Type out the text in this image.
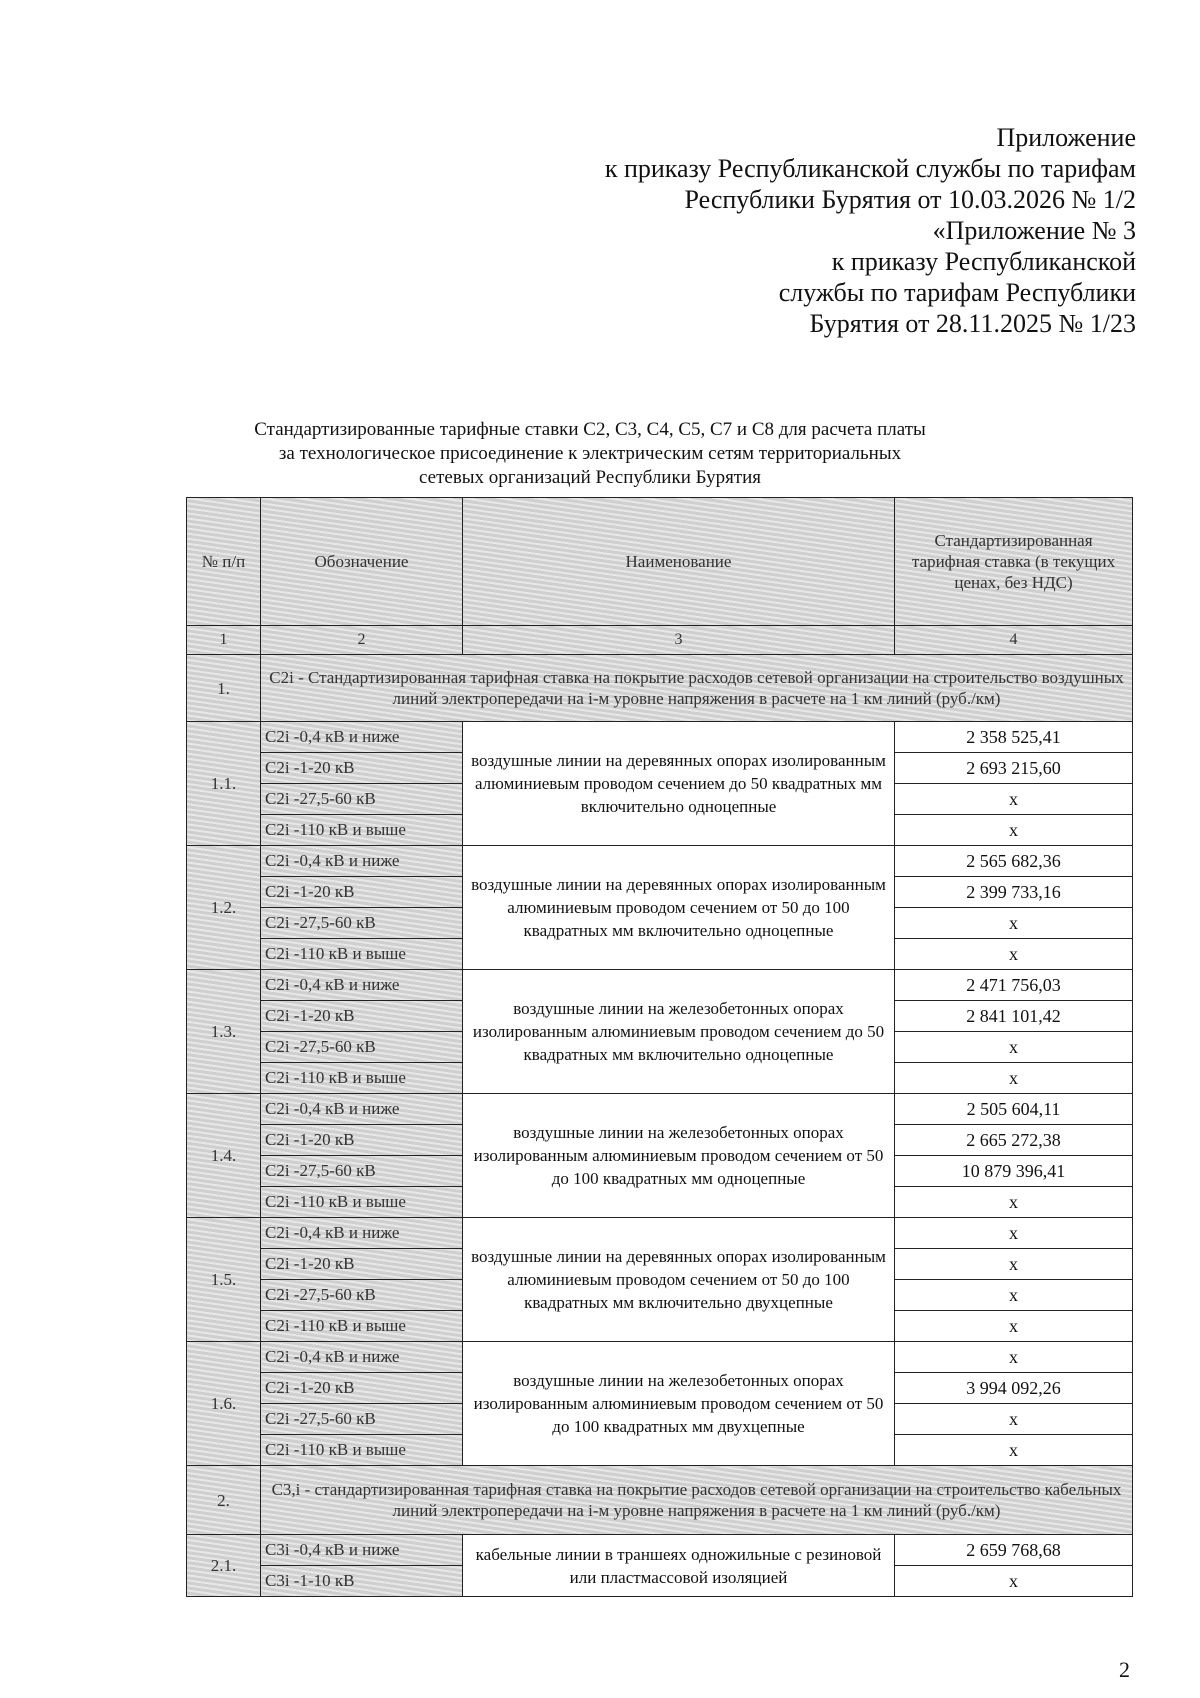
Приложение
к приказу Республиканской службы по тарифам
Республики Бурятия от 10.03.2026 № 1/2
«Приложение № 3
к приказу Республиканской
службы по тарифам Республики
Бурятия от 28.11.2025 № 1/23
Стандартизированные тарифные ставки С2, С3, С4, С5, С7 и С8 для расчета платы
за технологическое присоединение к электрическим сетям территориальных
сетевых организаций Республики Бурятия
№ п/п	Обозначение	Наименование	Стандартизированная тарифная ставка (в текущих ценах, без НДС)
1	2	3	4
1.	C2i - Стандартизированная тарифная ставка на покрытие расходов сетевой организации на строительство воздушных линий электропередачи на i-м уровне напряжения в расчете на 1 км линий (руб./км)		
1.1.	C2i -0,4 кВ и ниже	воздушные линии на деревянных опорах изолированным алюминиевым проводом сечением до 50 квадратных мм включительно одноцепные	2 358 525,41
	C2i -1-20 кВ		2 693 215,60
	C2i -27,5-60 кВ		х
	C2i -110 кВ и выше		х
1.2.	C2i -0,4 кВ и ниже	воздушные линии на деревянных опорах изолированным алюминиевым проводом сечением от 50 до 100 квадратных мм включительно одноцепные	2 565 682,36
	C2i -1-20 кВ		2 399 733,16
	C2i -27,5-60 кВ		х
	C2i -110 кВ и выше		х
1.3.	C2i -0,4 кВ и ниже	воздушные линии на железобетонных опорах изолированным алюминиевым проводом сечением до 50 квадратных мм включительно одноцепные	2 471 756,03
	C2i -1-20 кВ		2 841 101,42
	C2i -27,5-60 кВ		х
	C2i -110 кВ и выше		х
1.4.	C2i -0,4 кВ и ниже	воздушные линии на железобетонных опорах изолированным алюминиевым проводом сечением от 50 до 100 квадратных мм одноцепные	2 505 604,11
	C2i -1-20 кВ		2 665 272,38
	C2i -27,5-60 кВ		10 879 396,41
	C2i -110 кВ и выше		х
1.5.	C2i -0,4 кВ и ниже	воздушные линии на деревянных опорах изолированным алюминиевым проводом сечением от 50 до 100 квадратных мм включительно двухцепные	х
	C2i -1-20 кВ		х
	C2i -27,5-60 кВ		х
	C2i -110 кВ и выше		х
1.6.	C2i -0,4 кВ и ниже	воздушные линии на железобетонных опорах изолированным алюминиевым проводом сечением от 50 до 100 квадратных мм двухцепные	х
	C2i -1-20 кВ		3 994 092,26
	C2i -27,5-60 кВ		х
	C2i -110 кВ и выше		х
2.	С3,i - стандартизированная тарифная ставка на покрытие расходов сетевой организации на строительство кабельных линий электропередачи на i-м уровне напряжения в расчете на 1 км линий (руб./км)		
2.1.	C3i -0,4 кВ и ниже	кабельные линии в траншеях одножильные с резиновой или пластмассовой изоляцией	2 659 768,68
	C3i -1-10 кВ		х
2
